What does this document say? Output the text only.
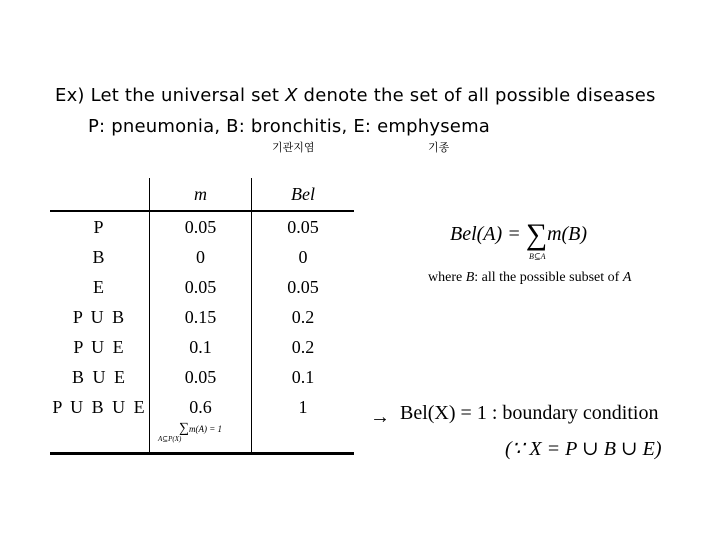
Ex) Let the universal set X denote the set of all possible diseases
P: pneumonia, B: bronchitis, E: emphysema
기관지염	기종
	m	Bel
P	0.05	0.05
B	0	0
E	0.05	0.05
P U B	0.15	0.2
P U E	0.1	0.2
B U E	0.05	0.1
P U B U E	0.6	1

	∑m(A) = 1
A⊆P(X)	

Bel(A) = ∑m(B)
B⊆A
where B: all the possible subset of A
→ Bel(X) = 1 : boundary condition
(∵ X = P ∪ B ∪ E)
